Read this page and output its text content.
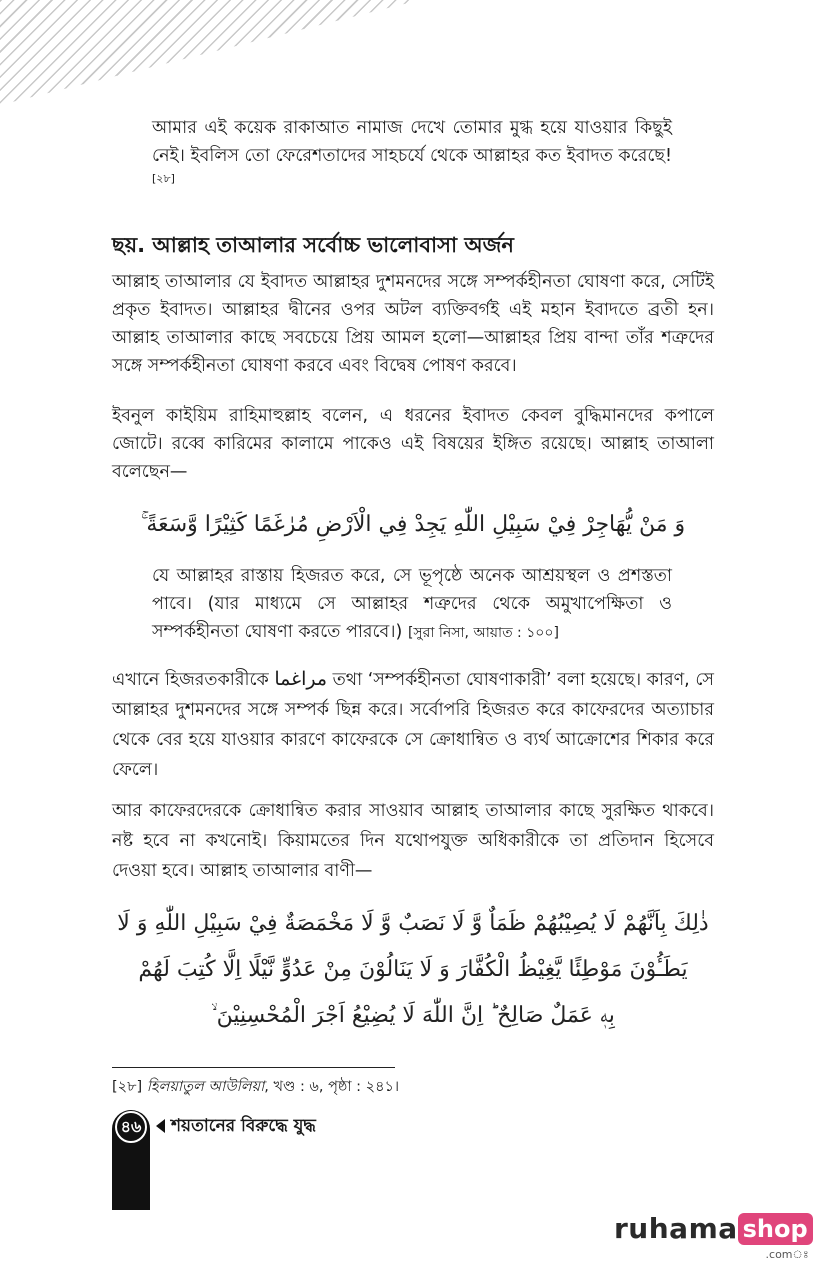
আমার এই কয়েক রাকাআত নামাজ দেখে তোমার মুগ্ধ হয়ে যাওয়ার কিছুই নেই। ইবলিস তো ফেরেশতাদের সাহচর্যে থেকে আল্লাহর কত ইবাদত করেছে![২৮]

ছয়. আল্লাহ তাআলার সর্বোচ্চ ভালোবাসা অর্জন

আল্লাহ তাআলার যে ইবাদত আল্লাহর দুশমনদের সঙ্গে সম্পর্কহীনতা ঘোষণা করে, সেটিই প্রকৃত ইবাদত। আল্লাহর দ্বীনের ওপর অটল ব্যক্তিবর্গই এই মহান ইবাদতে ব্রতী হন। আল্লাহ তাআলার কাছে সবচেয়ে প্রিয় আমল হলো—আল্লাহর প্রিয় বান্দা তাঁর শত্রুদের সঙ্গে সম্পর্কহীনতা ঘোষণা করবে এবং বিদ্বেষ পোষণ করবে।

ইবনুল কাইয়িম রাহিমাহুল্লাহ বলেন, এ ধরনের ইবাদত কেবল বুদ্ধিমানদের কপালে জোটে। রব্বে কারিমের কালামে পাকেও এই বিষয়ের ইঙ্গিত রয়েছে। আল্লাহ তাআলা বলেছেন—

وَ مَنْ يُّهَاجِرْ فِيْ سَبِيْلِ اللّٰهِ يَجِدْ فِي الْاَرْضِ مُرٰغَمًا كَثِيْرًا وَّسَعَةً ۚ

যে আল্লাহর রাস্তায় হিজরত করে, সে ভূপৃষ্ঠে অনেক আশ্রয়স্থল ও প্রশস্ততা পাবে। (যার মাধ্যমে সে আল্লাহর শত্রুদের থেকে অমুখাপেক্ষিতা ও সম্পর্কহীনতা ঘোষণা করতে পারবে।) [সুরা নিসা, আয়াত : ১০০]

এখানে হিজরতকারীকে مراغما তথা ‘সম্পর্কহীনতা ঘোষণাকারী’ বলা হয়েছে। কারণ, সে আল্লাহর দুশমনদের সঙ্গে সম্পর্ক ছিন্ন করে। সর্বোপরি হিজরত করে কাফেরদের অত্যাচার থেকে বের হয়ে যাওয়ার কারণে কাফেরকে সে ক্রোধান্বিত ও ব্যর্থ আক্রোশের শিকার করে ফেলে।

আর কাফেরদেরকে ক্রোধান্বিত করার সাওয়াব আল্লাহ তাআলার কাছে সুরক্ষিত থাকবে। নষ্ট হবে না কখনোই। কিয়ামতের দিন যথোপযুক্ত অধিকারীকে তা প্রতিদান হিসেবে দেওয়া হবে। আল্লাহ তাআলার বাণী—

ذٰلِكَ بِاَنَّهُمْ لَا يُصِيْبُهُمْ ظَمَاٌ وَّ لَا نَصَبٌ وَّ لَا مَخْمَصَةٌ فِيْ سَبِيْلِ اللّٰهِ وَ لَا
يَطَـُٔوْنَ مَوْطِئًا يَّغِيْظُ الْكُفَّارَ وَ لَا يَنَالُوْنَ مِنْ عَدُوٍّ نَّيْلًا اِلَّا كُتِبَ لَهُمْ
بِهٖ عَمَلٌ صَالِحٌ ؕ اِنَّ اللّٰهَ لَا يُضِيْعُ اَجْرَ الْمُحْسِنِيْنَ ۙ
[২৮] হিলয়াতুল আউলিয়া, খণ্ড : ৬, পৃষ্ঠা : ২৪১।
৪৬	শয়তানের বিরুদ্ধে যুদ্ধ
ruhama shop
.comঃ
